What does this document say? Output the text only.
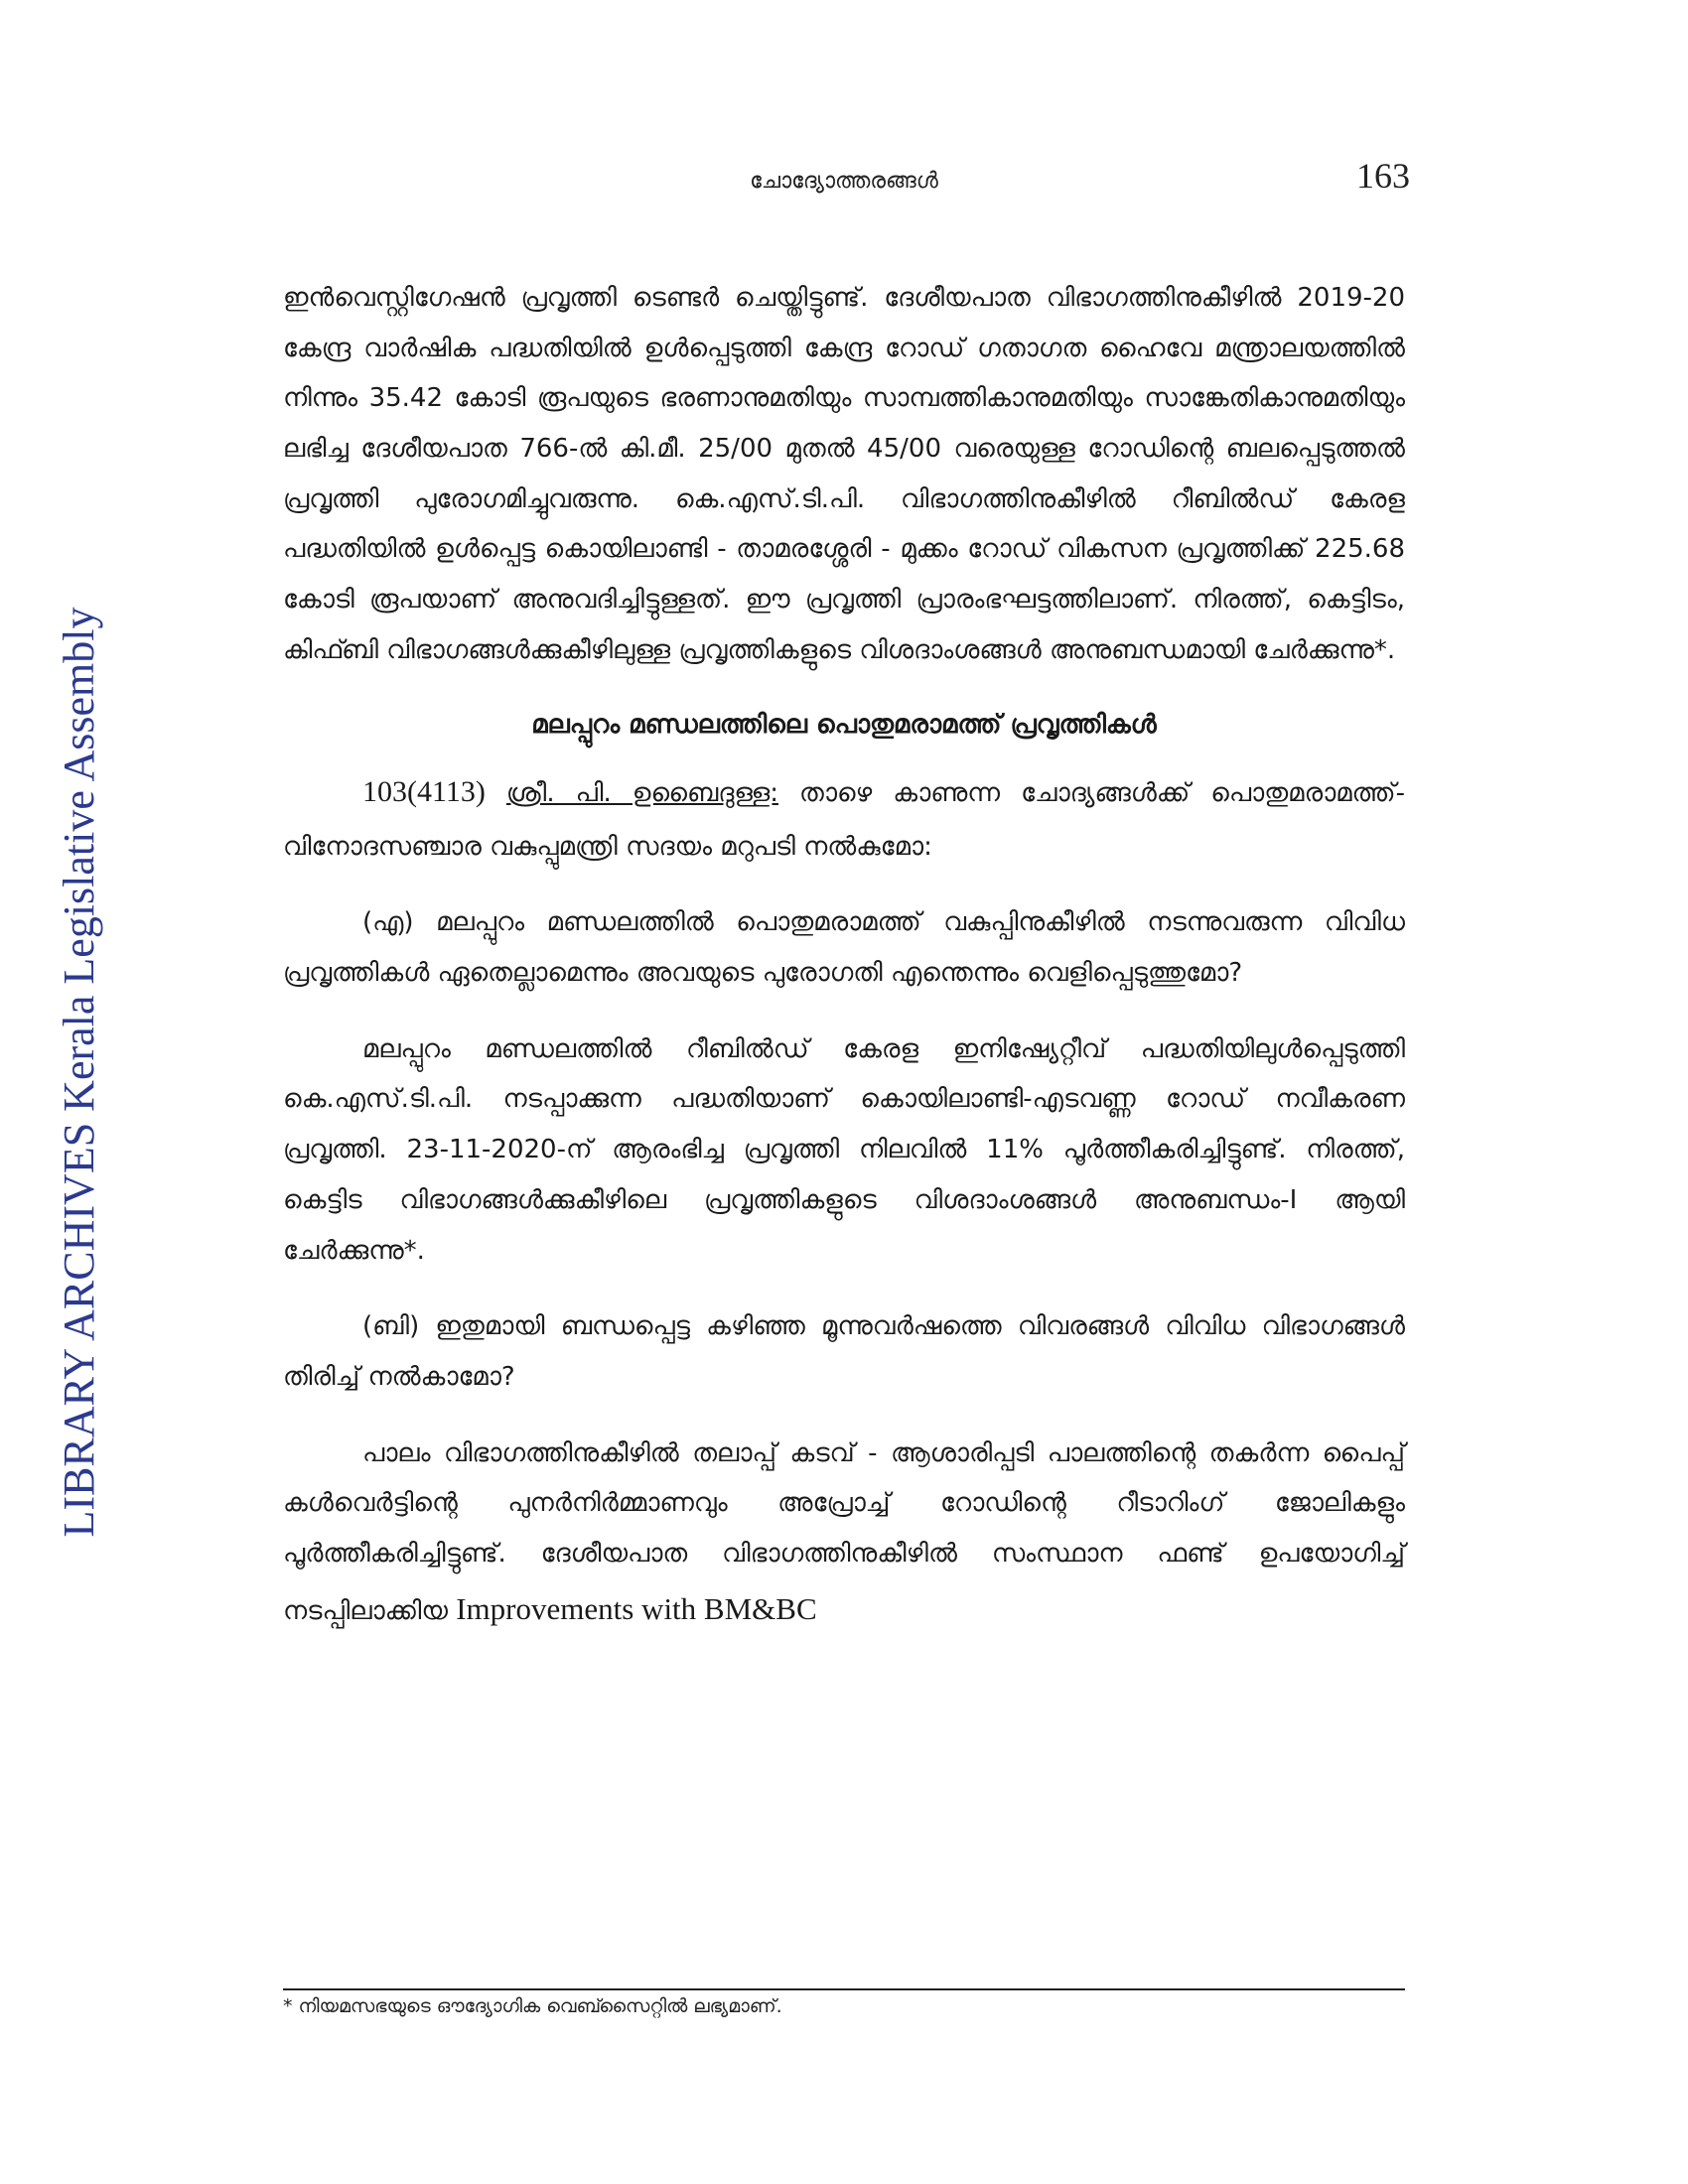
LIBRARY ARCHIVES Kerala Legislative Assembly
ചോദ്യോത്തരങ്ങൾ	163

ഇൻവെസ്റ്റിഗേഷൻ പ്രവൃത്തി ടെണ്ടർ ചെയ്തിട്ടുണ്ട്. ദേശീയപാത വിഭാഗത്തിനുകീഴിൽ 2019-20 കേന്ദ്ര വാർഷിക പദ്ധതിയിൽ ഉൾപ്പെടുത്തി കേന്ദ്ര റോഡ് ഗതാഗത ഹൈവേ മന്ത്രാലയത്തിൽ നിന്നും 35.42 കോടി രൂപയുടെ ഭരണാനുമതിയും സാമ്പത്തികാനുമതിയും സാങ്കേതികാനുമതിയും ലഭിച്ച ദേശീയപാത 766-ൽ കി.മീ. 25/00 മുതൽ 45/00 വരെയുള്ള റോഡിന്റെ ബലപ്പെടുത്തൽ പ്രവൃത്തി പുരോഗമിച്ചുവരുന്നു. കെ.എസ്.ടി.പി. വിഭാഗത്തിനുകീഴിൽ റീബിൽഡ് കേരള പദ്ധതിയിൽ ഉൾപ്പെട്ട കൊയിലാണ്ടി - താമരശ്ശേരി - മുക്കം റോഡ് വികസന പ്രവൃത്തിക്ക് 225.68 കോടി രൂപയാണ് അനുവദിച്ചിട്ടുള്ളത്. ഈ പ്രവൃത്തി പ്രാരംഭഘട്ടത്തിലാണ്. നിരത്ത്, കെട്ടിടം, കിഫ്ബി വിഭാഗങ്ങൾക്കുകീഴിലുള്ള പ്രവൃത്തികളുടെ വിശദാംശങ്ങൾ അനുബന്ധമായി ചേർക്കുന്നു*.

മലപ്പുറം മണ്ഡലത്തിലെ പൊതുമരാമത്ത് പ്രവൃത്തികൾ

103(4113) ശ്രീ. പി. ഉബൈദുള്ള: താഴെ കാണുന്ന ചോദ്യങ്ങൾക്ക് പൊതുമരാമത്ത്-വിനോദസഞ്ചാര വകുപ്പുമന്ത്രി സദയം മറുപടി നൽകുമോ:

(എ) മലപ്പുറം മണ്ഡലത്തിൽ പൊതുമരാമത്ത് വകുപ്പിനുകീഴിൽ നടന്നുവരുന്ന വിവിധ പ്രവൃത്തികൾ ഏതെല്ലാമെന്നും അവയുടെ പുരോഗതി എന്തെന്നും വെളിപ്പെടുത്തുമോ?

മലപ്പുറം മണ്ഡലത്തിൽ റീബിൽഡ് കേരള ഇനിഷ്യേറ്റീവ് പദ്ധതിയിലുൾപ്പെടുത്തി കെ.എസ്.ടി.പി. നടപ്പാക്കുന്ന പദ്ധതിയാണ് കൊയിലാണ്ടി-എടവണ്ണ റോഡ് നവീകരണ പ്രവൃത്തി. 23-11-2020-ന് ആരംഭിച്ച പ്രവൃത്തി നിലവിൽ 11% പൂർത്തീകരിച്ചിട്ടുണ്ട്. നിരത്ത്, കെട്ടിട വിഭാഗങ്ങൾക്കുകീഴിലെ പ്രവൃത്തികളുടെ വിശദാംശങ്ങൾ അനുബന്ധം-I ആയി ചേർക്കുന്നു*.

(ബി) ഇതുമായി ബന്ധപ്പെട്ട കഴിഞ്ഞ മൂന്നുവർഷത്തെ വിവരങ്ങൾ വിവിധ വിഭാഗങ്ങൾ തിരിച്ച് നൽകാമോ?

പാലം വിഭാഗത്തിനുകീഴിൽ തലാപ്പ് കടവ് - ആശാരിപ്പടി പാലത്തിന്റെ തകർന്ന പൈപ്പ് കൾവെർട്ടിന്റെ പുനർനിർമ്മാണവും അപ്രോച്ച് റോഡിന്റെ റീടാറിംഗ് ജോലികളും പൂർത്തീകരിച്ചിട്ടുണ്ട്. ദേശീയപാത വിഭാഗത്തിനുകീഴിൽ സംസ്ഥാന ഫണ്ട് ഉപയോഗിച്ച് നടപ്പിലാക്കിയ Improvements with BM&BC

* നിയമസഭയുടെ ഔദ്യോഗിക വെബ്സൈറ്റിൽ ലഭ്യമാണ്.
